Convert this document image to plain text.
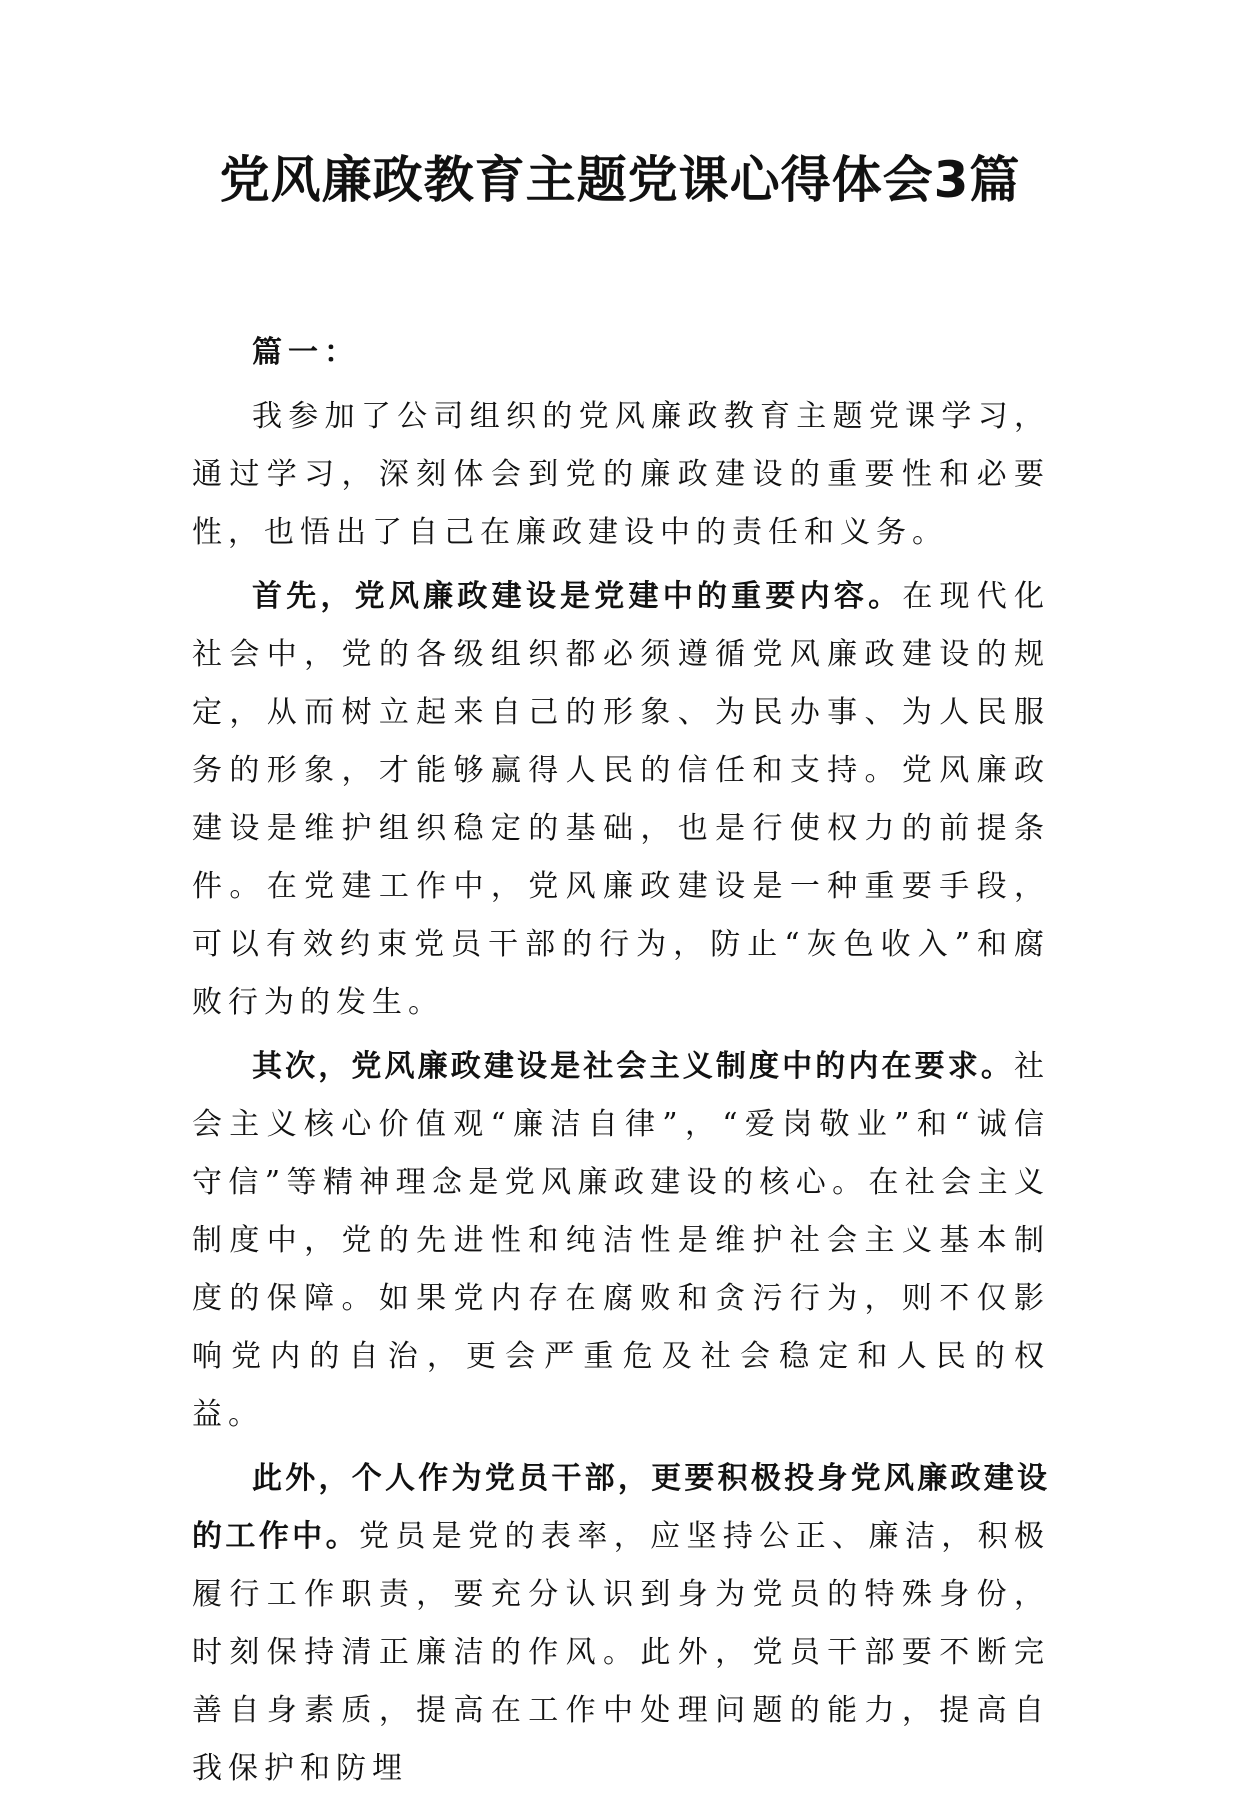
党风廉政教育主题党课心得体会3篇

篇一：

我参加了公司组织的党风廉政教育主题党课学习，通过学习，深刻体会到党的廉政建设的重要性和必要性，也悟出了自己在廉政建设中的责任和义务。

首先，党风廉政建设是党建中的重要内容。在现代化社会中，党的各级组织都必须遵循党风廉政建设的规定，从而树立起来自己的形象、为民办事、为人民服务的形象，才能够赢得人民的信任和支持。党风廉政建设是维护组织稳定的基础，也是行使权力的前提条件。在党建工作中，党风廉政建设是一种重要手段，可以有效约束党员干部的行为，防止“灰色收入”和腐败行为的发生。

其次，党风廉政建设是社会主义制度中的内在要求。社会主义核心价值观“廉洁自律”，“爱岗敬业”和“诚信守信”等精神理念是党风廉政建设的核心。在社会主义制度中，党的先进性和纯洁性是维护社会主义基本制度的保障。如果党内存在腐败和贪污行为，则不仅影响党内的自治，更会严重危及社会稳定和人民的权益。

此外，个人作为党员干部，更要积极投身党风廉政建设的工作中。党员是党的表率，应坚持公正、廉洁，积极履行工作职责，要充分认识到身为党员的特殊身份，时刻保持清正廉洁的作风。此外，党员干部要不断完善自身素质，提高在工作中处理问题的能力，提高自我保护和防埋
